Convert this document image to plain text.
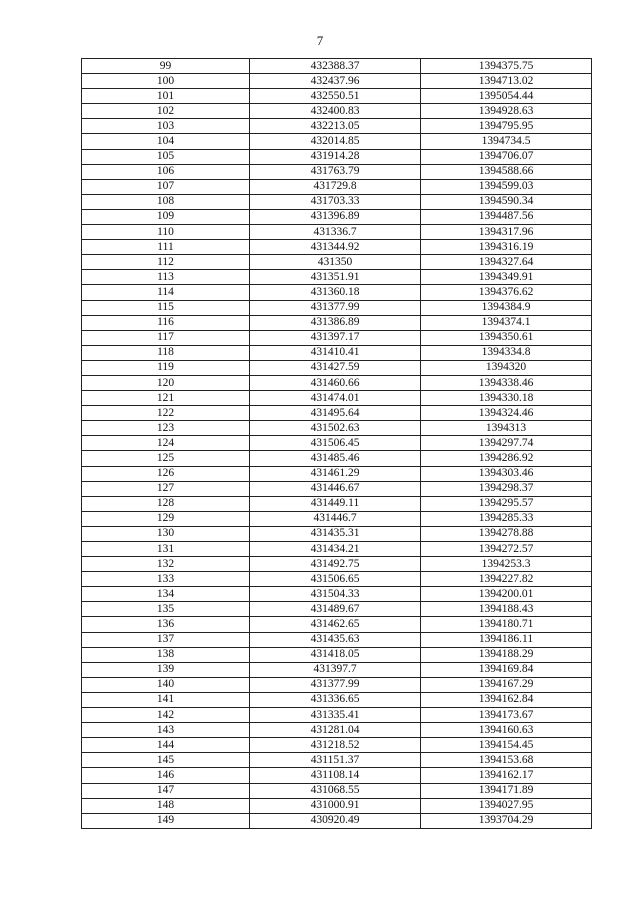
7
99	432388.37	1394375.75
100	432437.96	1394713.02
101	432550.51	1395054.44
102	432400.83	1394928.63
103	432213.05	1394795.95
104	432014.85	1394734.5
105	431914.28	1394706.07
106	431763.79	1394588.66
107	431729.8	1394599.03
108	431703.33	1394590.34
109	431396.89	1394487.56
110	431336.7	1394317.96
111	431344.92	1394316.19
112	431350	1394327.64
113	431351.91	1394349.91
114	431360.18	1394376.62
115	431377.99	1394384.9
116	431386.89	1394374.1
117	431397.17	1394350.61
118	431410.41	1394334.8
119	431427.59	1394320
120	431460.66	1394338.46
121	431474.01	1394330.18
122	431495.64	1394324.46
123	431502.63	1394313
124	431506.45	1394297.74
125	431485.46	1394286.92
126	431461.29	1394303.46
127	431446.67	1394298.37
128	431449.11	1394295.57
129	431446.7	1394285.33
130	431435.31	1394278.88
131	431434.21	1394272.57
132	431492.75	1394253.3
133	431506.65	1394227.82
134	431504.33	1394200.01
135	431489.67	1394188.43
136	431462.65	1394180.71
137	431435.63	1394186.11
138	431418.05	1394188.29
139	431397.7	1394169.84
140	431377.99	1394167.29
141	431336.65	1394162.84
142	431335.41	1394173.67
143	431281.04	1394160.63
144	431218.52	1394154.45
145	431151.37	1394153.68
146	431108.14	1394162.17
147	431068.55	1394171.89
148	431000.91	1394027.95
149	430920.49	1393704.29
